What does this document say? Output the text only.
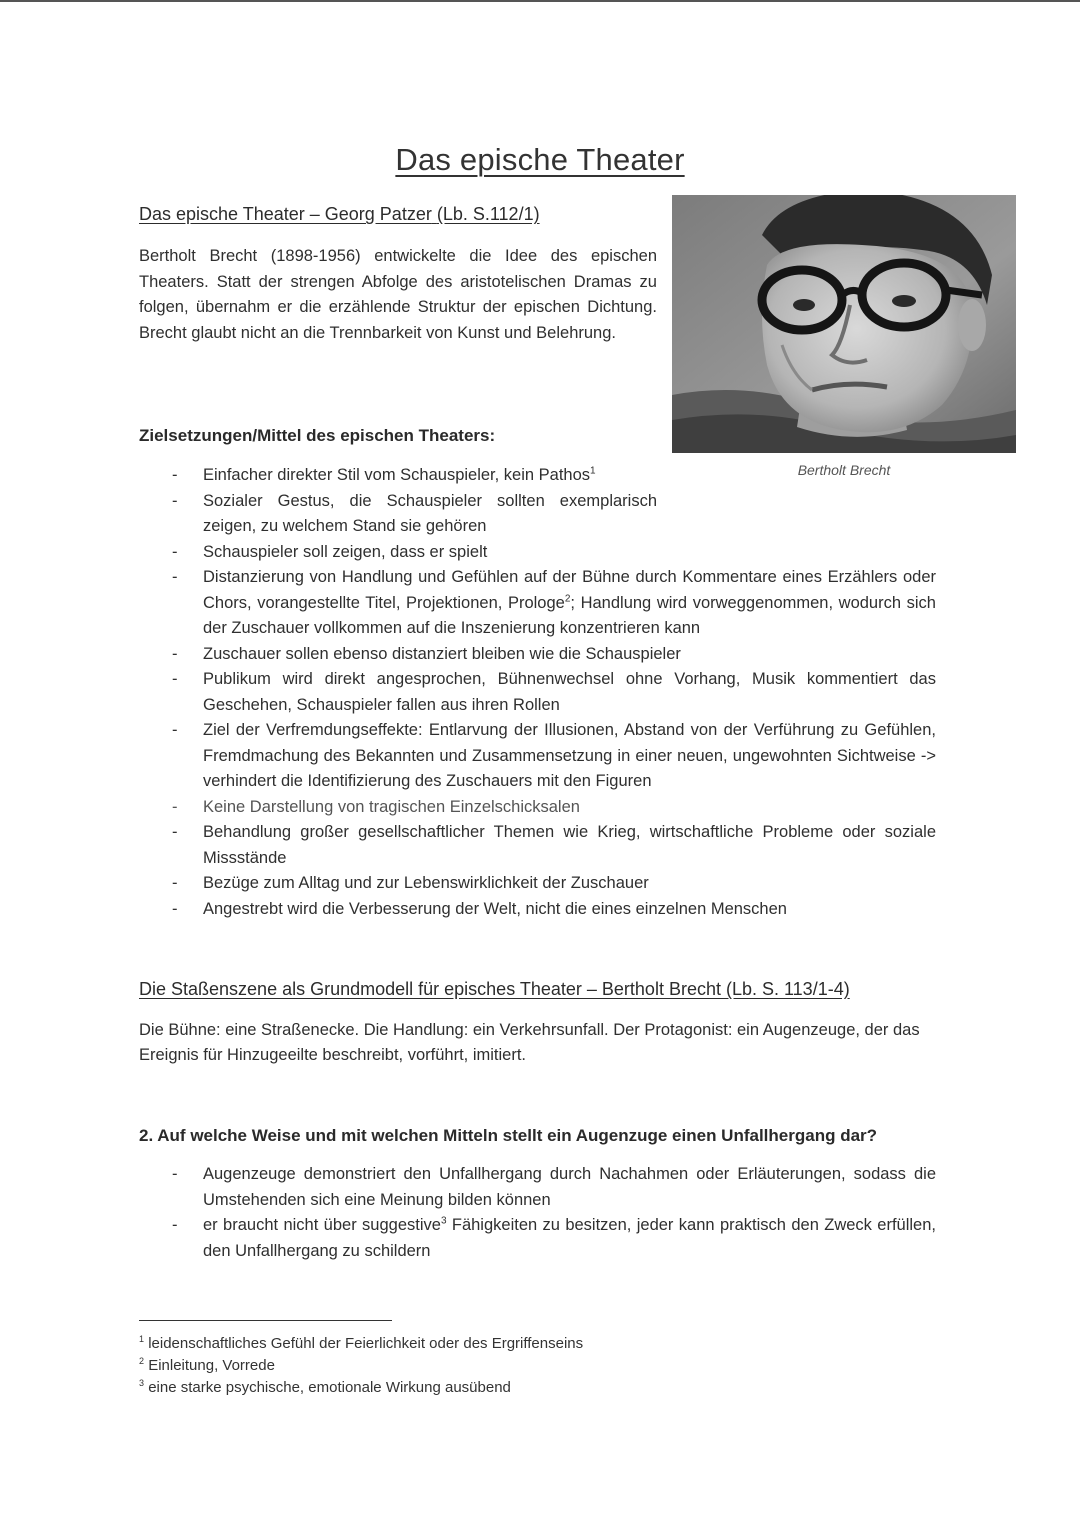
Das epische Theater
Das epische Theater – Georg Patzer (Lb. S.112/1)
Bertholt Brecht (1898-1956) entwickelte die Idee des epischen Theaters. Statt der strengen Abfolge des aristotelischen Dramas zu folgen, übernahm er die erzählende Struktur der epischen Dichtung. Brecht glaubt nicht an die Trennbarkeit von Kunst und Belehrung.
Bertholt Brecht
Zielsetzungen/Mittel des epischen Theaters:
- Einfacher direkter Stil vom Schauspieler, kein Pathos$^1$
- Sozialer Gestus, die Schauspieler sollten exemplarisch zeigen, zu welchem Stand sie gehören
- Schauspieler soll zeigen, dass er spielt
- Distanzierung von Handlung und Gefühlen auf der Bühne durch Kommentare eines Erzählers oder Chors, vorangestellte Titel, Projektionen, Prologe$^2$; Handlung wird vorweggenommen, wodurch sich der Zuschauer vollkommen auf die Inszenierung konzentrieren kann
- Zuschauer sollen ebenso distanziert bleiben wie die Schauspieler
- Publikum wird direkt angesprochen, Bühnenwechsel ohne Vorhang, Musik kommentiert das Geschehen, Schauspieler fallen aus ihren Rollen
- Ziel der Verfremdungseffekte: Entlarvung der Illusionen, Abstand von der Verführung zu Gefühlen, Fremdmachung des Bekannten und Zusammensetzung in einer neuen, ungewohnten Sichtweise -> verhindert die Identifizierung des Zuschauers mit den Figuren
- Keine Darstellung von tragischen Einzelschicksalen
- Behandlung großer gesellschaftlicher Themen wie Krieg, wirtschaftliche Probleme oder soziale Missstände
- Bezüge zum Alltag und zur Lebenswirklichkeit der Zuschauer
- Angestrebt wird die Verbesserung der Welt, nicht die eines einzelnen Menschen
Die Staßenszene als Grundmodell für episches Theater – Bertholt Brecht (Lb. S. 113/1-4)
Die Bühne: eine Straßenecke. Die Handlung: ein Verkehrsunfall. Der Protagonist: ein Augenzeuge, der das Ereignis für Hinzugeeilte beschreibt, vorführt, imitiert.
2. Auf welche Weise und mit welchen Mitteln stellt ein Augenzuge einen Unfallhergang dar?
- Augenzeuge demonstriert den Unfallhergang durch Nachahmen oder Erläuterungen, sodass die Umstehenden sich eine Meinung bilden können
- er braucht nicht über suggestive$^3$ Fähigkeiten zu besitzen, jeder kann praktisch den Zweck erfüllen, den Unfallhergang zu schildern
$^1$ leidenschaftliches Gefühl der Feierlichkeit oder des Ergriffenseins
$^2$ Einleitung, Vorrede
$^3$ eine starke psychische, emotionale Wirkung ausübend
